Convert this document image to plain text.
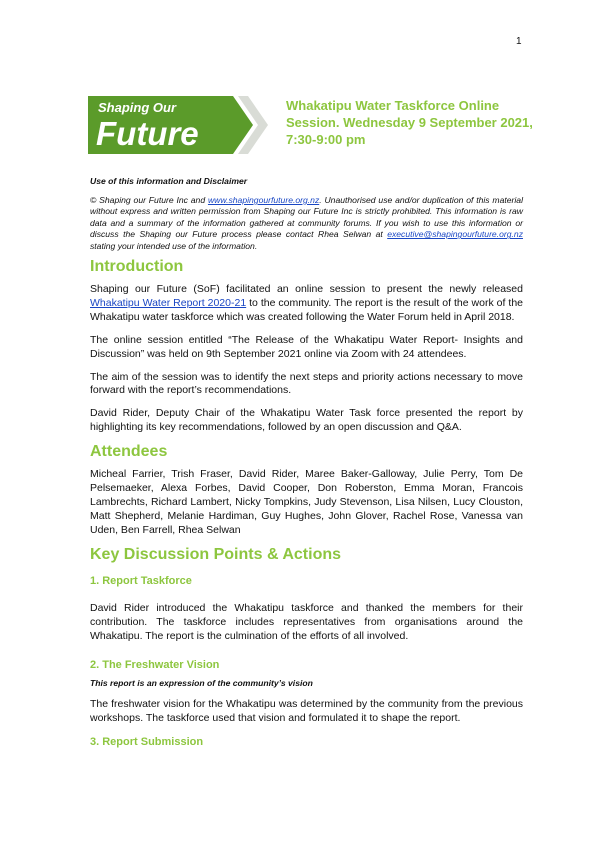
1
Shaping Our
Future
Whakatipu Water Taskforce Online Session. Wednesday 9 September 2021, 7:30-9:00 pm

Use of this information and Disclaimer

© Shaping our Future Inc and www.shapingourfuture.org.nz. Unauthorised use and/or duplication of this material without express and written permission from Shaping our Future Inc is strictly prohibited. This information is raw data and a summary of the information gathered at community forums. If you wish to use this information or discuss the Shaping our Future process please contact Rhea Selwan at executive@shapingourfuture.org.nz stating your intended use of the information.

Introduction

Shaping our Future (SoF) facilitated an online session to present the newly released Whakatipu Water Report 2020-21 to the community. The report is the result of the work of the Whakatipu water taskforce which was created following the Water Forum held in April 2018.

The online session entitled “The Release of the Whakatipu Water Report- Insights and Discussion” was held on 9th September 2021 online via Zoom with 24 attendees.

The aim of the session was to identify the next steps and priority actions necessary to move forward with the report’s recommendations.

David Rider, Deputy Chair of the Whakatipu Water Task force presented the report by highlighting its key recommendations, followed by an open discussion and Q&A.

Attendees

Micheal Farrier, Trish Fraser, David Rider, Maree Baker-Galloway, Julie Perry, Tom De Pelsemaeker, Alexa Forbes, David Cooper, Don Roberston, Emma Moran, Francois Lambrechts, Richard Lambert, Nicky Tompkins, Judy Stevenson, Lisa Nilsen, Lucy Clouston, Matt Shepherd, Melanie Hardiman, Guy Hughes, John Glover, Rachel Rose, Vanessa van Uden, Ben Farrell, Rhea Selwan

Key Discussion Points & Actions
1. Report Taskforce

David Rider introduced the Whakatipu taskforce and thanked the members for their contribution. The taskforce includes representatives from organisations around the Whakatipu. The report is the culmination of the efforts of all involved.

2. The Freshwater Vision

This report is an expression of the community’s vision

The freshwater vision for the Whakatipu was determined by the community from the previous workshops. The taskforce used that vision and formulated it to shape the report.

3. Report Submission
